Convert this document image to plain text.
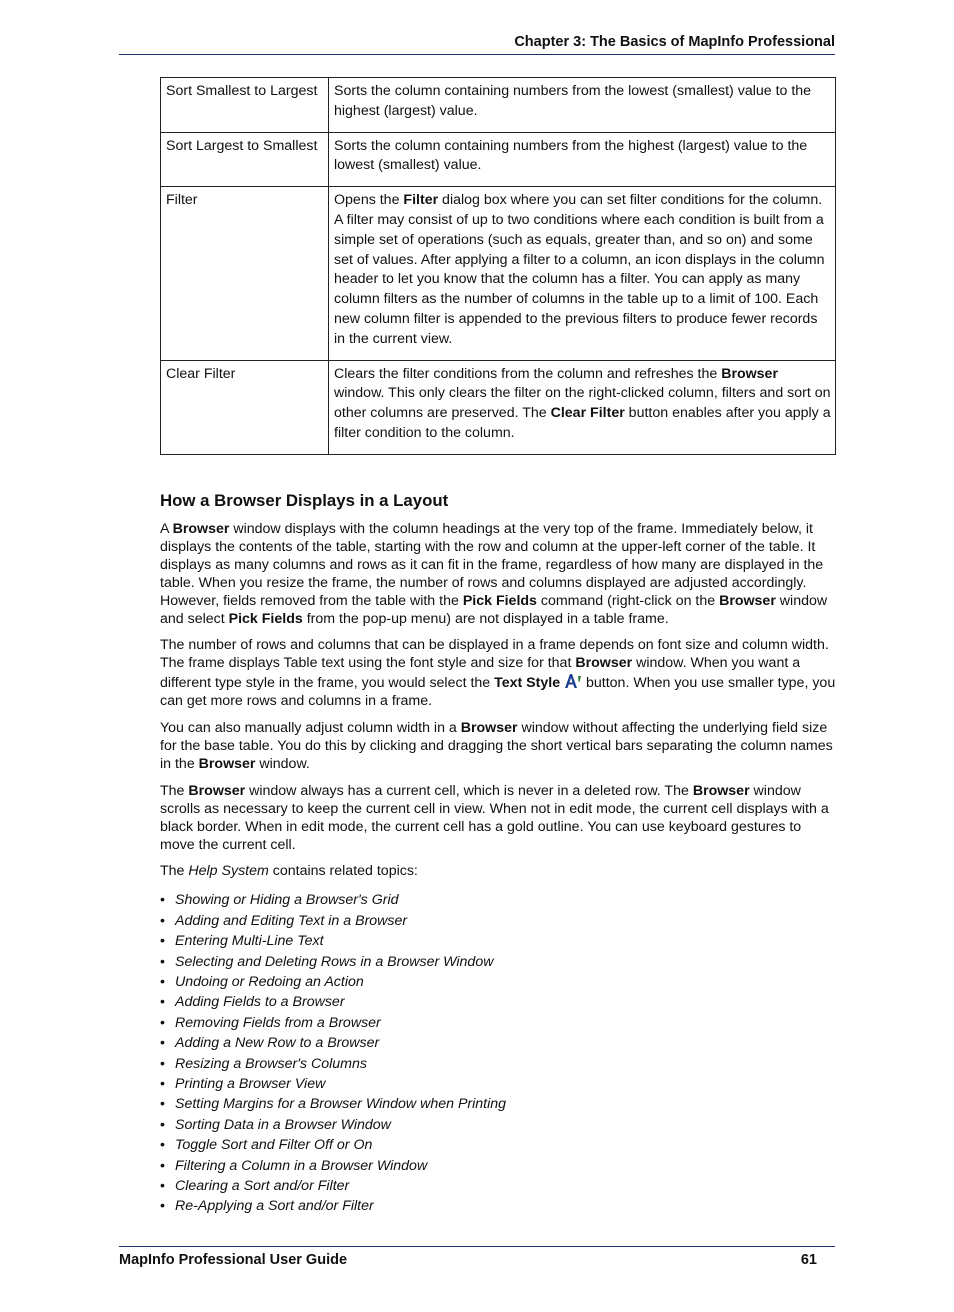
Chapter 3: The Basics of MapInfo Professional
Sort Smallest to Largest	Sorts the column containing numbers from the lowest (smallest) value to the highest (largest) value.
Sort Largest to Smallest	Sorts the column containing numbers from the highest (largest) value to the lowest (smallest) value.
Filter	Opens the Filter dialog box where you can set filter conditions for the column. A filter may consist of up to two conditions where each condition is built from a simple set of operations (such as equals, greater than, and so on) and some set of values. After applying a filter to a column, an icon displays in the column header to let you know that the column has a filter. You can apply as many column filters as the number of columns in the table up to a limit of 100. Each new column filter is appended to the previous filters to produce fewer records in the current view.
Clear Filter	Clears the filter conditions from the column and refreshes the Browser window. This only clears the filter on the right-clicked column, filters and sort on other columns are preserved. The Clear Filter button enables after you apply a filter condition to the column.
How a Browser Displays in a Layout

A Browser window displays with the column headings at the very top of the frame. Immediately below, it displays the contents of the table, starting with the row and column at the upper-left corner of the table. It displays as many columns and rows as it can fit in the frame, regardless of how many are displayed in the table. When you resize the frame, the number of rows and columns displayed are adjusted accordingly. However, fields removed from the table with the Pick Fields command (right-click on the Browser window and select Pick Fields from the pop-up menu) are not displayed in a table frame.

The number of rows and columns that can be displayed in a frame depends on font size and column width. The frame displays Table text using the font style and size for that Browser window. When you want a different type style in the frame, you would select the Text Style  button. When you use smaller type, you can get more rows and columns in a frame.

You can also manually adjust column width in a Browser window without affecting the underlying field size for the base table. You do this by clicking and dragging the short vertical bars separating the column names in the Browser window.

The Browser window always has a current cell, which is never in a deleted row. The Browser window scrolls as necessary to keep the current cell in view. When not in edit mode, the current cell displays with a black border. When in edit mode, the current cell has a gold outline. You can use keyboard gestures to move the current cell.

The Help System contains related topics:

• Showing or Hiding a Browser's Grid
• Adding and Editing Text in a Browser
• Entering Multi-Line Text
• Selecting and Deleting Rows in a Browser Window
• Undoing or Redoing an Action
• Adding Fields to a Browser
• Removing Fields from a Browser
• Adding a New Row to a Browser
• Resizing a Browser's Columns
• Printing a Browser View
• Setting Margins for a Browser Window when Printing
• Sorting Data in a Browser Window
• Toggle Sort and Filter Off or On
• Filtering a Column in a Browser Window
• Clearing a Sort and/or Filter
• Re-Applying a Sort and/or Filter
MapInfo Professional User Guide	61
